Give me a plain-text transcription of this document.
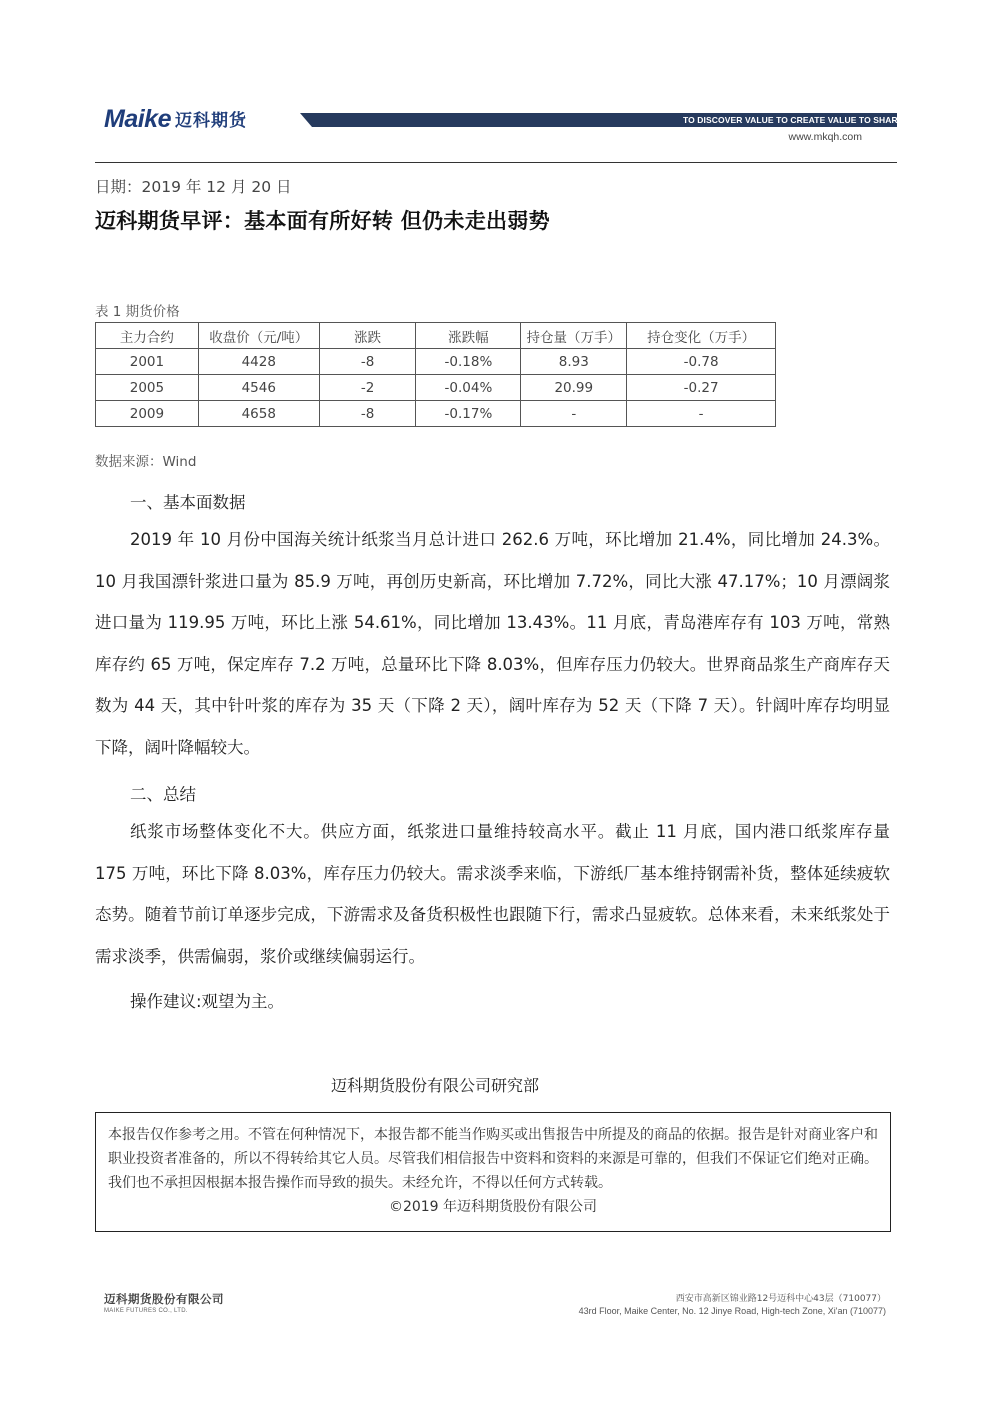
Maike 迈科期货	TO DISCOVER VALUE TO CREATE VALUE TO SHARE VALUE
www.mkqh.com
日期：2019 年 12 月 20 日
迈科期货早评：基本面有所好转 但仍未走出弱势
表 1 期货价格
主力合约	收盘价（元/吨）	涨跌	涨跌幅	持仓量（万手）	持仓变化（万手）
2001	4428	-8	-0.18%	8.93	-0.78
2005	4546	-2	-0.04%	20.99	-0.27
2009	4658	-8	-0.17%	-	-
数据来源：Wind
一、基本面数据

2019 年 10 月份中国海关统计纸浆当月总计进口 262.6 万吨，环比增加 21.4%，同比增加 24.3%。10 月我国漂针浆进口量为 85.9 万吨，再创历史新高，环比增加 7.72%，同比大涨 47.17%；10 月漂阔浆进口量为 119.95 万吨，环比上涨 54.61%，同比增加 13.43%。11 月底，青岛港库存有 103 万吨，常熟库存约 65 万吨，保定库存 7.2 万吨，总量环比下降 8.03%，但库存压力仍较大。世界商品浆生产商库存天数为 44 天，其中针叶浆的库存为 35 天（下降 2 天），阔叶库存为 52 天（下降 7 天）。针阔叶库存均明显下降，阔叶降幅较大。

二、总结

纸浆市场整体变化不大。供应方面，纸浆进口量维持较高水平。截止 11 月底，国内港口纸浆库存量 175 万吨，环比下降 8.03%，库存压力仍较大。需求淡季来临，下游纸厂基本维持钢需补货，整体延续疲软态势。随着节前订单逐步完成，下游需求及备货积极性也跟随下行，需求凸显疲软。总体来看，未来纸浆处于需求淡季，供需偏弱，浆价或继续偏弱运行。

操作建议:观望为主。
迈科期货股份有限公司研究部

本报告仅作参考之用。不管在何种情况下，本报告都不能当作购买或出售报告中所提及的商品的依据。报告是针对商业客户和职业投资者准备的，所以不得转给其它人员。尽管我们相信报告中资料和资料的来源是可靠的，但我们不保证它们绝对正确。我们也不承担因根据本报告操作而导致的损失。未经允许，不得以任何方式转载。

©2019 年迈科期货股份有限公司

迈科期货股份有限公司
MAIKE FUTURES CO., LTD.
西安市高新区锦业路12号迈科中心43层（710077）
43rd Floor, Maike Center, No. 12 Jinye Road, High-tech Zone, Xi'an (710077)
